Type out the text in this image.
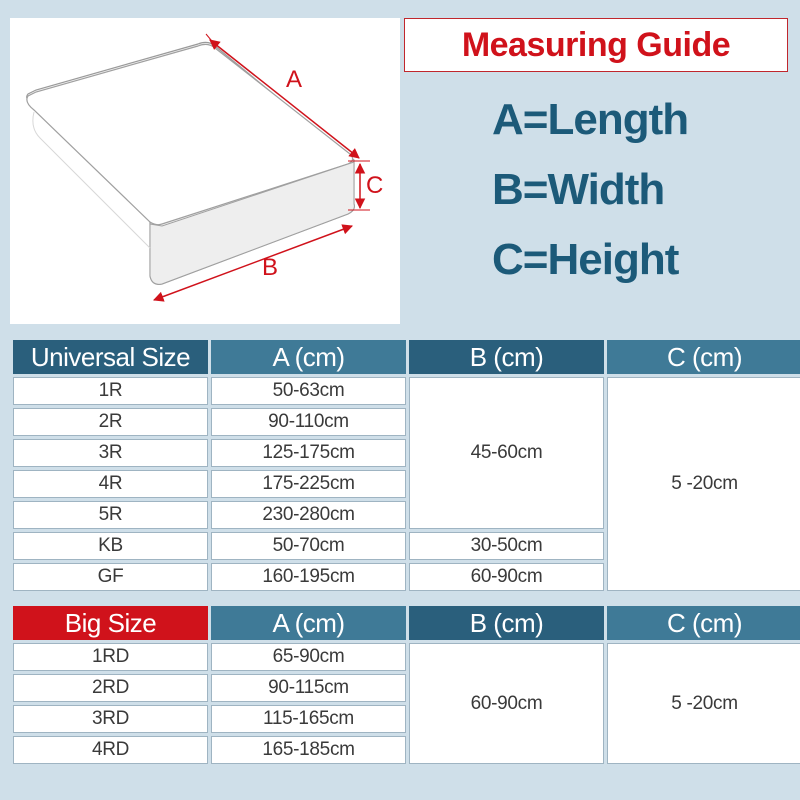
A
C
B
Measuring Guide
A=Length
B=Width
C=Height
Universal Size	A (cm)	B (cm)	C (cm)
1R	50-63cm	45-60cm	5 -20cm
2R	90-110cm		
3R	125-175cm		
4R	175-225cm		
5R	230-280cm		
KB	50-70cm	30-50cm	
GF	160-195cm	60-90cm	
Big Size	A (cm)	B (cm)	C (cm)
1RD	65-90cm	60-90cm	5 -20cm
2RD	90-115cm		
3RD	115-165cm		
4RD	165-185cm		
